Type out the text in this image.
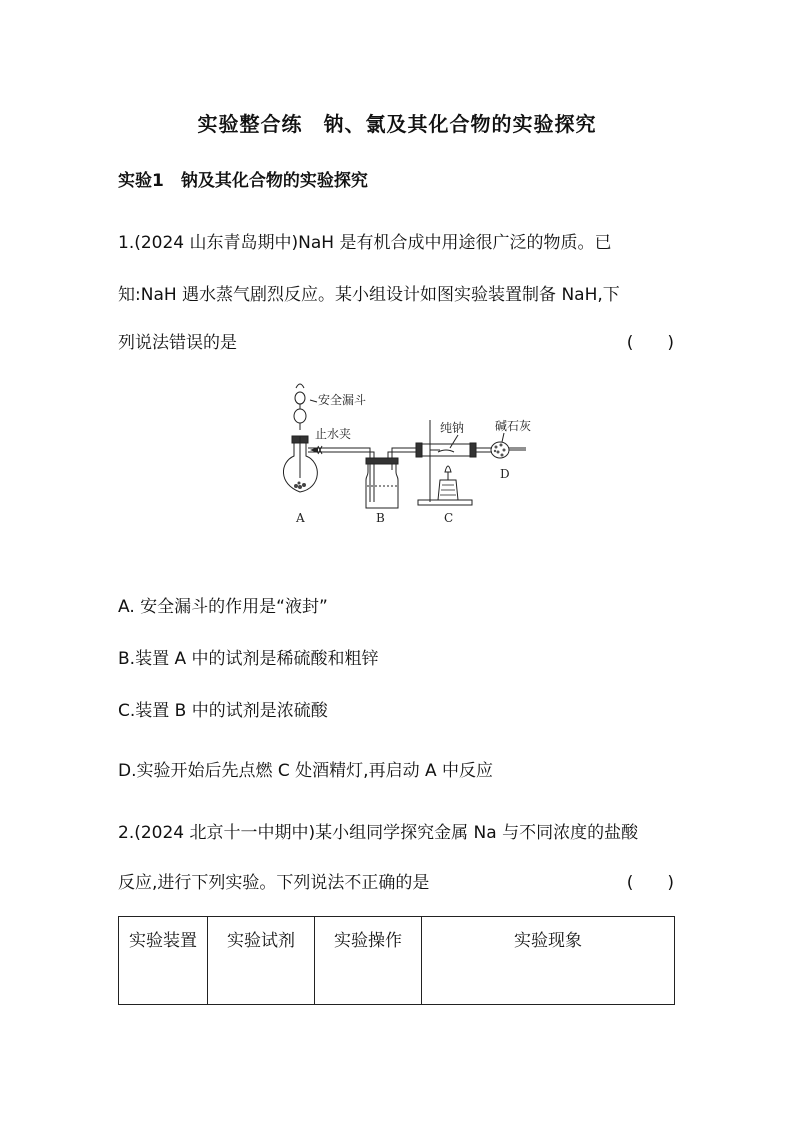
实验整合练　钠、氯及其化合物的实验探究
实验1　钠及其化合物的实验探究
1.(2024 山东青岛期中)NaH 是有机合成中用途很广泛的物质。已
知:NaH 遇水蒸气剧烈反应。某小组设计如图实验装置制备 NaH,下
列说法错误的是	(　　)
安全漏斗
止水夹	纯钠	碱石灰
A	B	C
D
A. 安全漏斗的作用是“液封”
B.装置 A 中的试剂是稀硫酸和粗锌
C.装置 B 中的试剂是浓硫酸
D.实验开始后先点燃 C 处酒精灯,再启动 A 中反应
2.(2024 北京十一中期中)某小组同学探究金属 Na 与不同浓度的盐酸
反应,进行下列实验。下列说法不正确的是	(　　)
实验装置	实验试剂	实验操作	实验现象
